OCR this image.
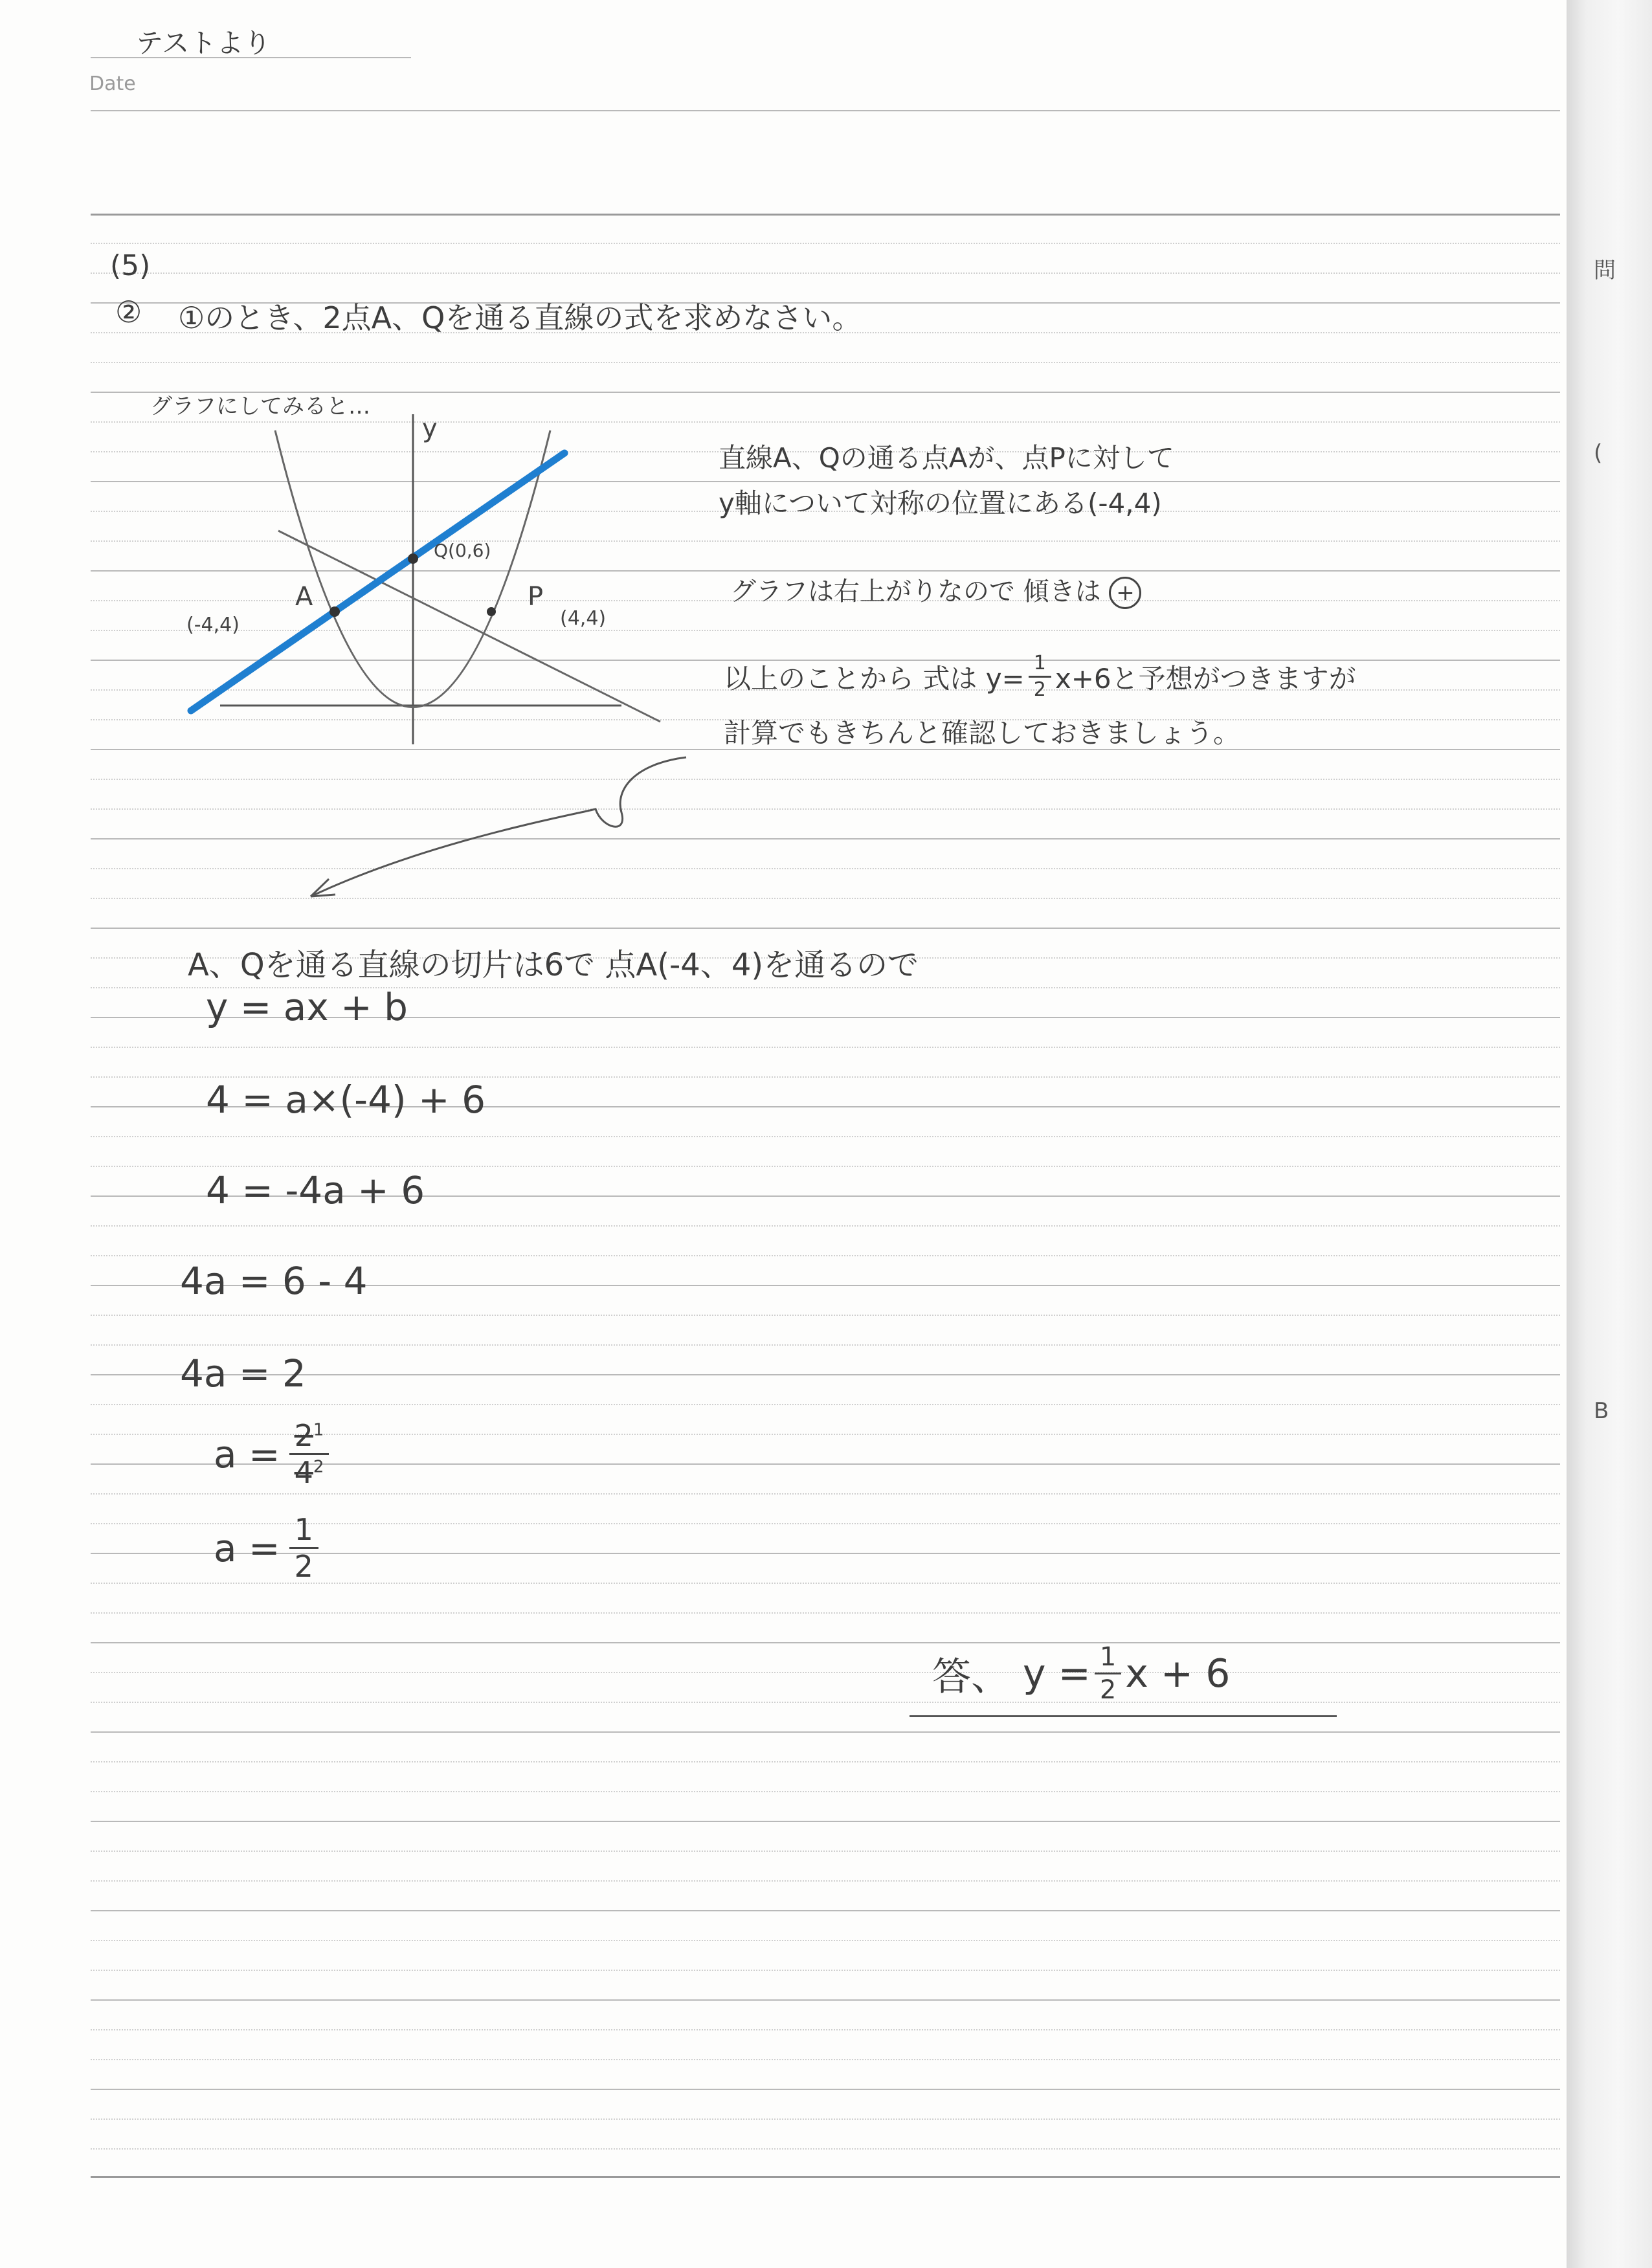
テストより
Date
(5)
② ①のとき、2点A、Qを通る直線の式を求めなさい。
グラフにしてみると…
y
A
(-4,4)
Q(0,6)
P
(4,4)
直線A、Qの通る点Aが、点Pに対して
y軸について対称の位置にある(-4,4)
グラフは右上がりなので 傾きは +
以上のことから 式は $y= \frac{1}{2} x+6$と予想がつきますが
計算でもきちんと確認しておきましょう。
A、Qを通る直線の切片は6で 点A(-4、4)を通るので
y = ax + b
4 = a×(-4) + 6
4 = -4a + 6
4a = 6 - 4
4a = 2
$a = \frac{2^1}{4^2}$
$a = \frac{1}{2}$
答、 $y = \frac{1}{2}$ x + 6
問
(
B
